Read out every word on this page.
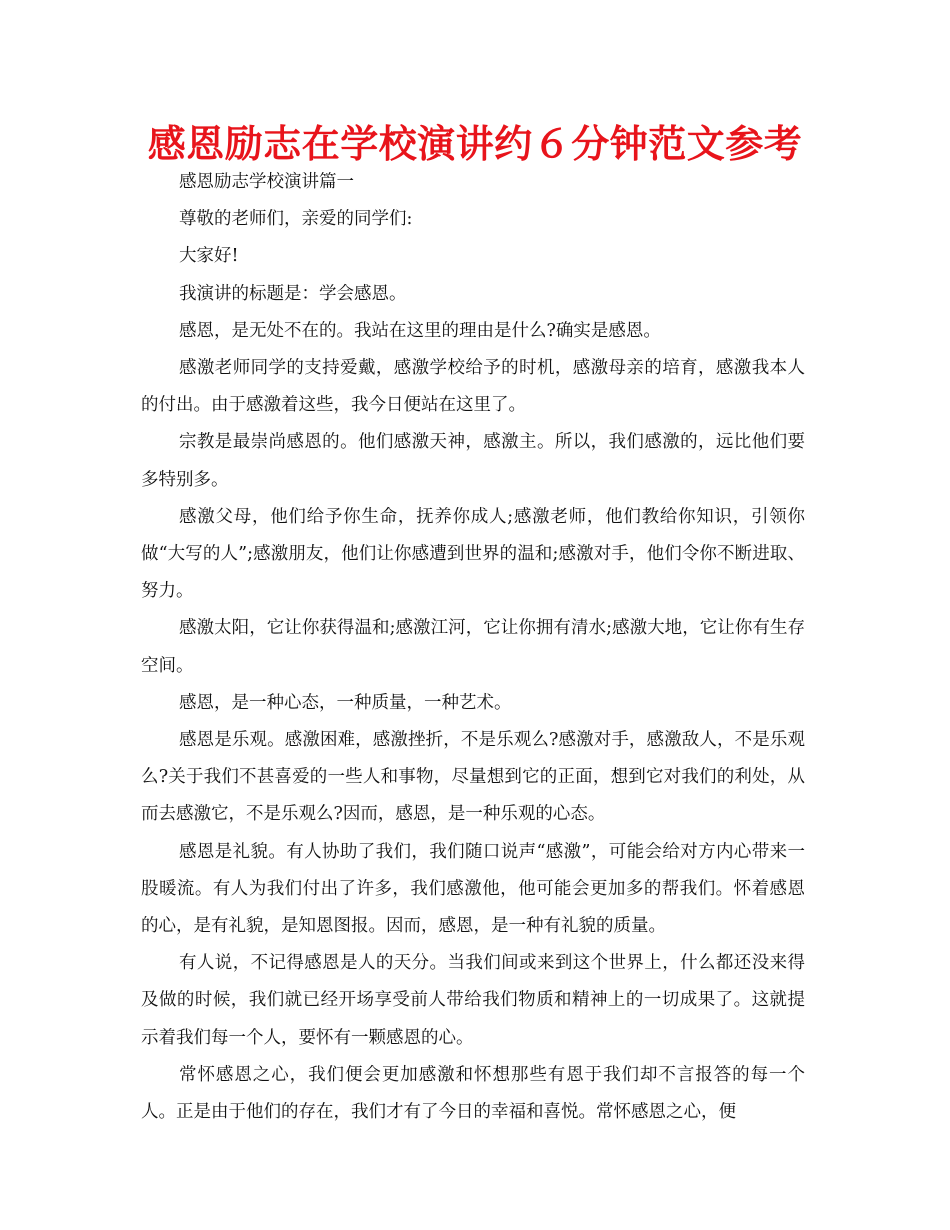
感恩励志在学校演讲约６分钟范文参考

感恩励志学校演讲篇一

尊敬的老师们，亲爱的同学们:

大家好!

我演讲的标题是：学会感恩。

感恩，是无处不在的。我站在这里的理由是什么?确实是感恩。

感激老师同学的支持爱戴，感激学校给予的时机，感激母亲的培育，感激我本人的付出。由于感激着这些，我今日便站在这里了。

宗教是最崇尚感恩的。他们感激天神，感激主。所以，我们感激的，远比他们要多特别多。

感激父母，他们给予你生命，抚养你成人;感激老师，他们教给你知识，引领你做“大写的人”;感激朋友，他们让你感遭到世界的温和;感激对手，他们令你不断进取、努力。

感激太阳，它让你获得温和;感激江河，它让你拥有清水;感激大地，它让你有生存空间。

感恩，是一种心态，一种质量，一种艺术。

感恩是乐观。感激困难，感激挫折，不是乐观么?感激对手，感激敌人，不是乐观么?关于我们不甚喜爱的一些人和事物，尽量想到它的正面，想到它对我们的利处，从而去感激它，不是乐观么?因而，感恩，是一种乐观的心态。

感恩是礼貌。有人协助了我们，我们随口说声“感激”，可能会给对方内心带来一股暖流。有人为我们付出了许多，我们感激他，他可能会更加多的帮我们。怀着感恩的心，是有礼貌，是知恩图报。因而，感恩，是一种有礼貌的质量。

有人说，不记得感恩是人的天分。当我们间或来到这个世界上，什么都还没来得及做的时候，我们就已经开场享受前人带给我们物质和精神上的一切成果了。这就提示着我们每一个人，要怀有一颗感恩的心。

常怀感恩之心，我们便会更加感激和怀想那些有恩于我们却不言报答的每一个人。正是由于他们的存在，我们才有了今日的幸福和喜悦。常怀感恩之心，便
